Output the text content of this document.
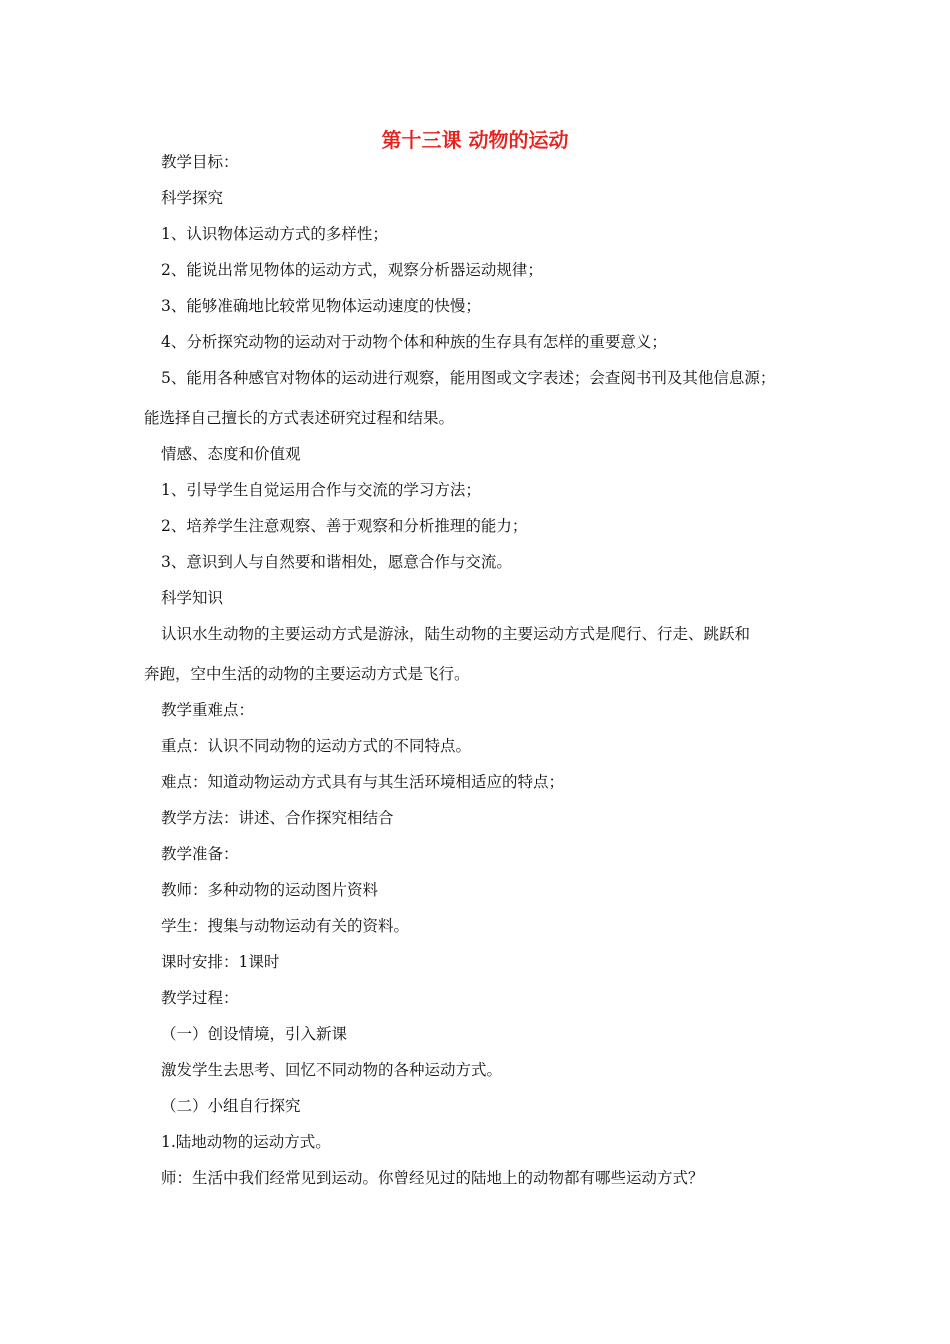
第十三课 动物的运动
教学目标：
科学探究
1、认识物体运动方式的多样性；
2、能说出常见物体的运动方式，观察分析器运动规律；
3、能够准确地比较常见物体运动速度的快慢；
4、分析探究动物的运动对于动物个体和种族的生存具有怎样的重要意义；
5、能用各种感官对物体的运动进行观察，能用图或文字表述；会查阅书刊及其他信息源；
能选择自己擅长的方式表述研究过程和结果。
情感、态度和价值观
1、引导学生自觉运用合作与交流的学习方法；
2、培养学生注意观察、善于观察和分析推理的能力；
3、意识到人与自然要和谐相处，愿意合作与交流。
科学知识
认识水生动物的主要运动方式是游泳，陆生动物的主要运动方式是爬行、行走、跳跃和
奔跑，空中生活的动物的主要运动方式是飞行。
教学重难点：
重点：认识不同动物的运动方式的不同特点。
难点：知道动物运动方式具有与其生活环境相适应的特点；
教学方法：讲述、合作探究相结合
教学准备：
教师：多种动物的运动图片资料
学生：搜集与动物运动有关的资料。
课时安排：1课时
教学过程：
（一）创设情境，引入新课
激发学生去思考、回忆不同动物的各种运动方式。
（二）小组自行探究
1.陆地动物的运动方式。
师：生活中我们经常见到运动。你曾经见过的陆地上的动物都有哪些运动方式？
